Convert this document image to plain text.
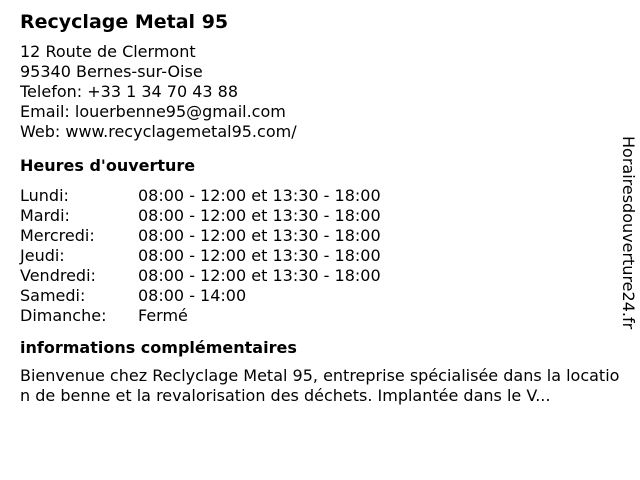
Recyclage Metal 95
12 Route de Clermont
95340 Bernes-sur-Oise
Telefon: +33 1 34 70 43 88
Email: louerbenne95@gmail.com
Web: www.recyclagemetal95.com/
Heures d'ouverture
Lundi:	08:00 - 12:00 et 13:30 - 18:00
Mardi:	08:00 - 12:00 et 13:30 - 18:00
Mercredi:	08:00 - 12:00 et 13:30 - 18:00
Jeudi:	08:00 - 12:00 et 13:30 - 18:00
Vendredi:	08:00 - 12:00 et 13:30 - 18:00
Samedi:	08:00 - 14:00
Dimanche:	Fermé
informations complémentaires
Bienvenue chez Reclyclage Metal 95, entreprise spécialisée dans la location de benne et la revalorisation des déchets. Implantée dans le V...
Horairesdouverture24.fr
